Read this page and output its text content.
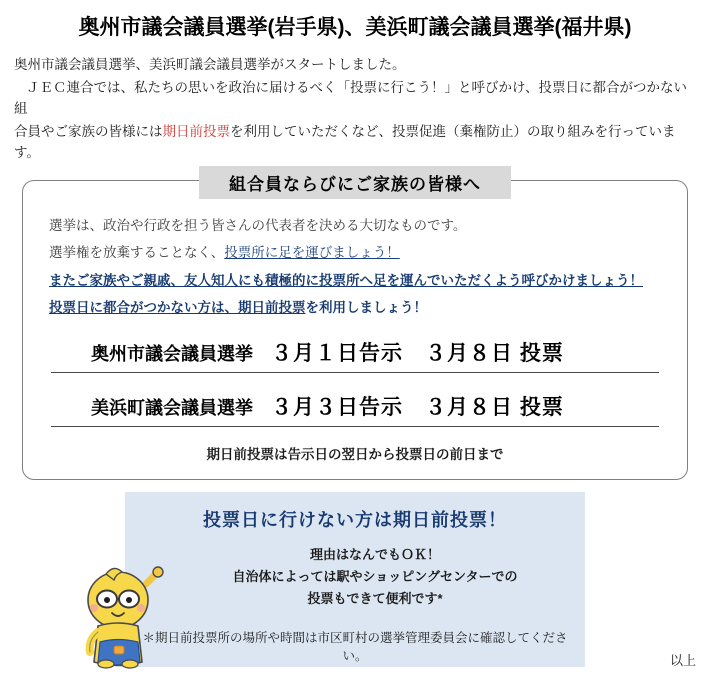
奥州市議会議員選挙(岩手県)、美浜町議会議員選挙(福井県)

奥州市議会議員選挙、美浜町議会議員選挙がスタートしました。

ＪＥＣ連合では、私たちの思いを政治に届けるべく「投票に行こう！」と呼びかけ、投票日に都合がつかない組

合員やご家族の皆様には期日前投票を利用していただくなど、投票促進（棄権防止）の取り組みを行っています。

組合員ならびにご家族の皆様へ
選挙は、政治や行政を担う皆さんの代表者を決める大切なものです。
選挙権を放棄することなく、投票所に足を運びましょう！
またご家族やご親戚、友人知人にも積極的に投票所へ足を運んでいただくよう呼びかけましょう！
投票日に都合がつかない方は、期日前投票を利用しましょう！
奥州市議会議員選挙 ３月１日告示　３月８日 投票
美浜町議会議員選挙 ３月３日告示　３月８日 投票
期日前投票は告示日の翌日から投票日の前日まで
投票日に行けない方は期日前投票！
理由はなんでもＯＫ！
自治体によっては駅やショッピングセンターでの
投票もできて便利です*
＊期日前投票所の場所や時間は市区町村の選挙管理委員会に確認してください。	以上
